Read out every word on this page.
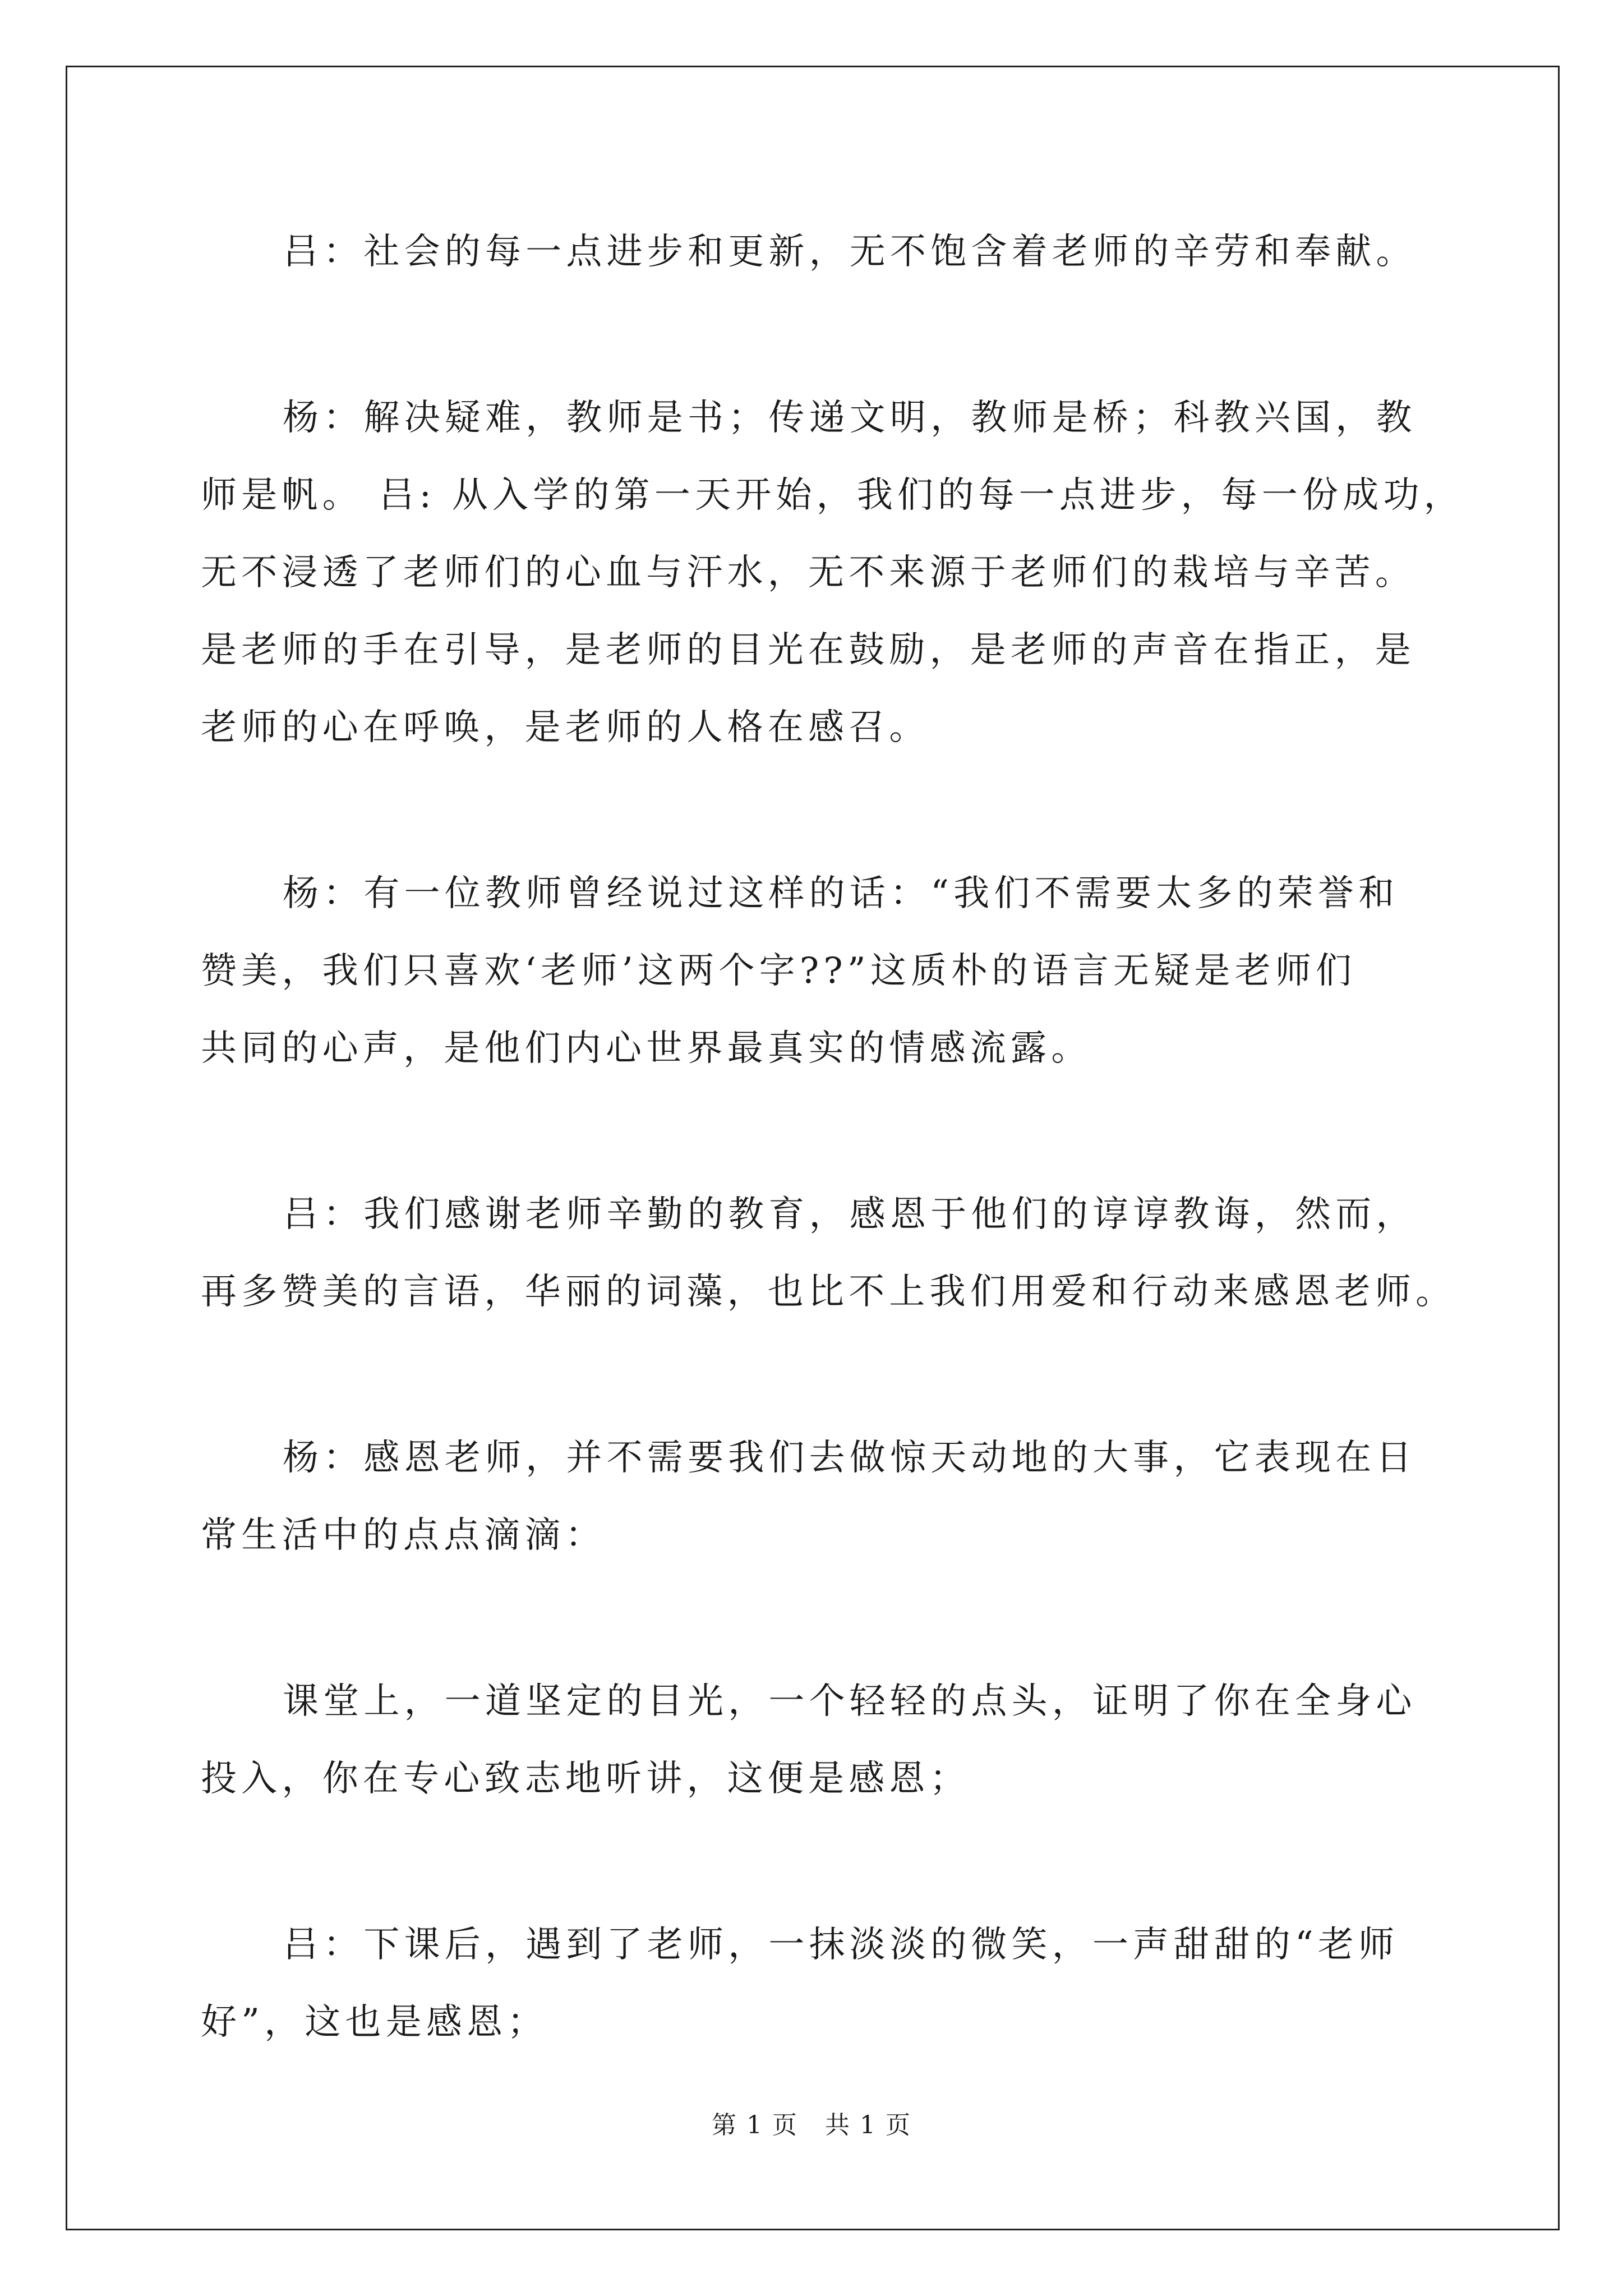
吕：社会的每一点进步和更新，无不饱含着老师的辛劳和奉献。

杨：解决疑难，教师是书；传递文明，教师是桥；科教兴国，教

师是帆。 吕: 从入学的第一天开始，我们的每一点进步，每一份成功，

无不浸透了老师们的心血与汗水，无不来源于老师们的栽培与辛苦。

是老师的手在引导，是老师的目光在鼓励，是老师的声音在指正，是

老师的心在呼唤，是老师的人格在感召。

杨：有一位教师曾经说过这样的话：“我们不需要太多的荣誉和

赞美，我们只喜欢‘老师’这两个字??”这质朴的语言无疑是老师们

共同的心声，是他们内心世界最真实的情感流露。

吕：我们感谢老师辛勤的教育，感恩于他们的谆谆教诲，然而，

再多赞美的言语，华丽的词藻，也比不上我们用爱和行动来感恩老师。

杨：感恩老师，并不需要我们去做惊天动地的大事，它表现在日

常生活中的点点滴滴：

课堂上，一道坚定的目光，一个轻轻的点头，证明了你在全身心

投入，你在专心致志地听讲，这便是感恩；

吕：下课后，遇到了老师，一抹淡淡的微笑，一声甜甜的“老师

好”，这也是感恩；

第 1 页   共 1 页
